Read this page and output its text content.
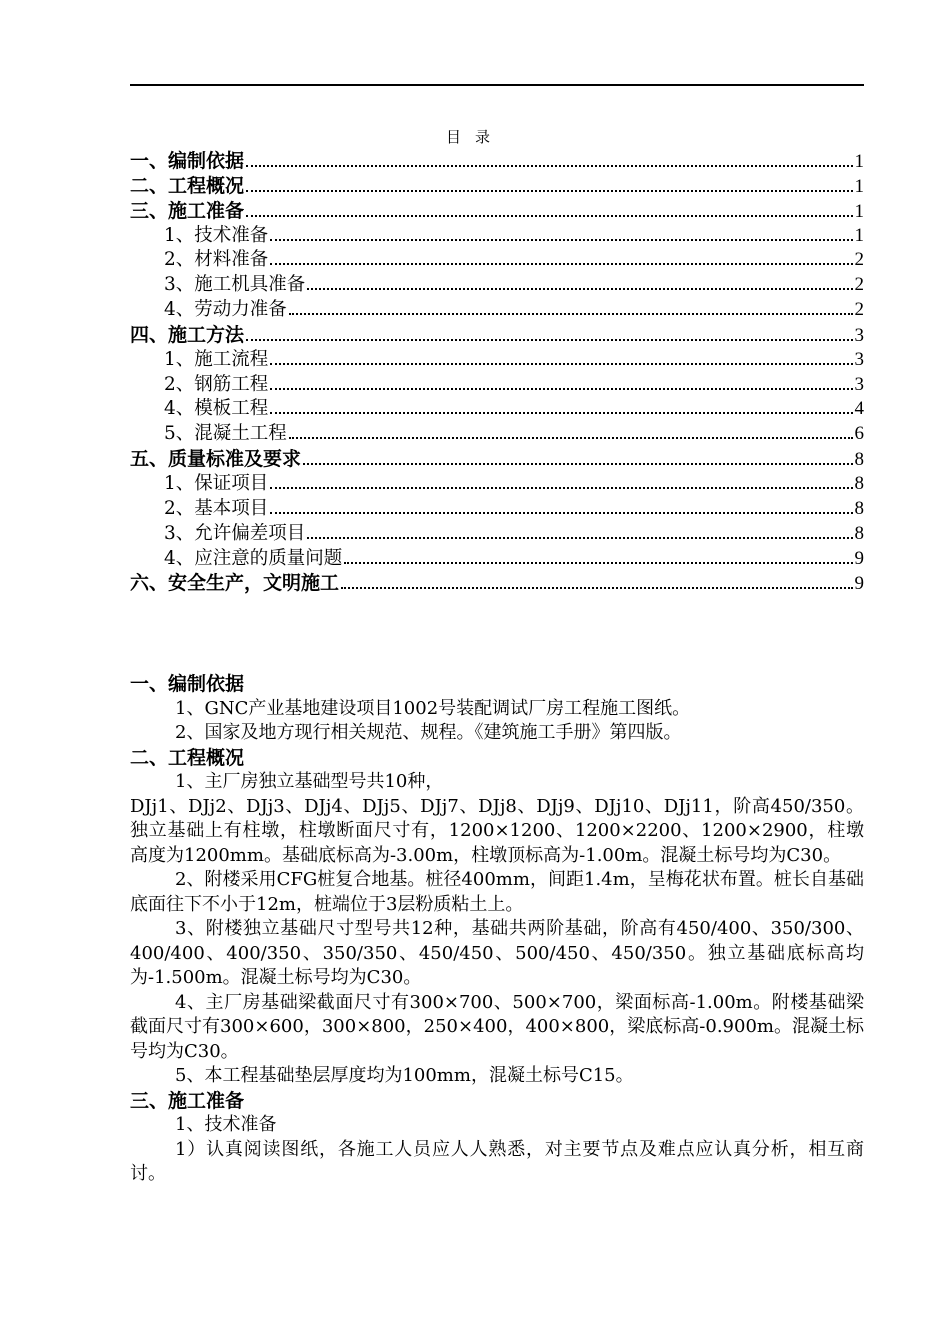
目录
一、编制依据	1
二、工程概况	1
三、施工准备	1
1、技术准备	1
2、材料准备	2
3、施工机具准备	2
4、劳动力准备	2
四、施工方法	3
1、施工流程	3
2、钢筋工程	3
4、模板工程	4
5、混凝土工程	6
五、质量标准及要求	8
1、保证项目	8
2、基本项目	8
3、允许偏差项目	8
4、应注意的质量问题	9
六、安全生产，文明施工	9
一、编制依据

1、GNC产业基地建设项目1002号装配调试厂房工程施工图纸。

2、国家及地方现行相关规范、规程。《建筑施工手册》第四版。

二、工程概况

1、主厂房独立基础型号共10种，

DJj1、DJj2、DJj3、DJj4、DJj5、DJj7、DJj8、DJj9、DJj10、DJj11，阶高450/350。独立基础上有柱墩，柱墩断面尺寸有，1200×1200、1200×2200、1200×2900，柱墩高度为1200mm。基础底标高为-3.00m，柱墩顶标高为-1.00m。混凝土标号均为C30。

2、附楼采用CFG桩复合地基。桩径400mm，间距1.4m，呈梅花状布置。桩长自基础底面往下不小于12m，桩端位于3层粉质粘土上。

3、附楼独立基础尺寸型号共12种，基础共两阶基础，阶高有450/400、350/300、400/400、400/350、350/350、450/450、500/450、450/350。独立基础底标高均为-1.500m。混凝土标号均为C30。

4、主厂房基础梁截面尺寸有300×700、500×700，梁面标高-1.00m。附楼基础梁截面尺寸有300×600，300×800，250×400，400×800，梁底标高-0.900m。混凝土标号均为C30。

5、本工程基础垫层厚度均为100mm，混凝土标号C15。

三、施工准备

1、技术准备

1）认真阅读图纸，各施工人员应人人熟悉，对主要节点及难点应认真分析，相互商讨。
